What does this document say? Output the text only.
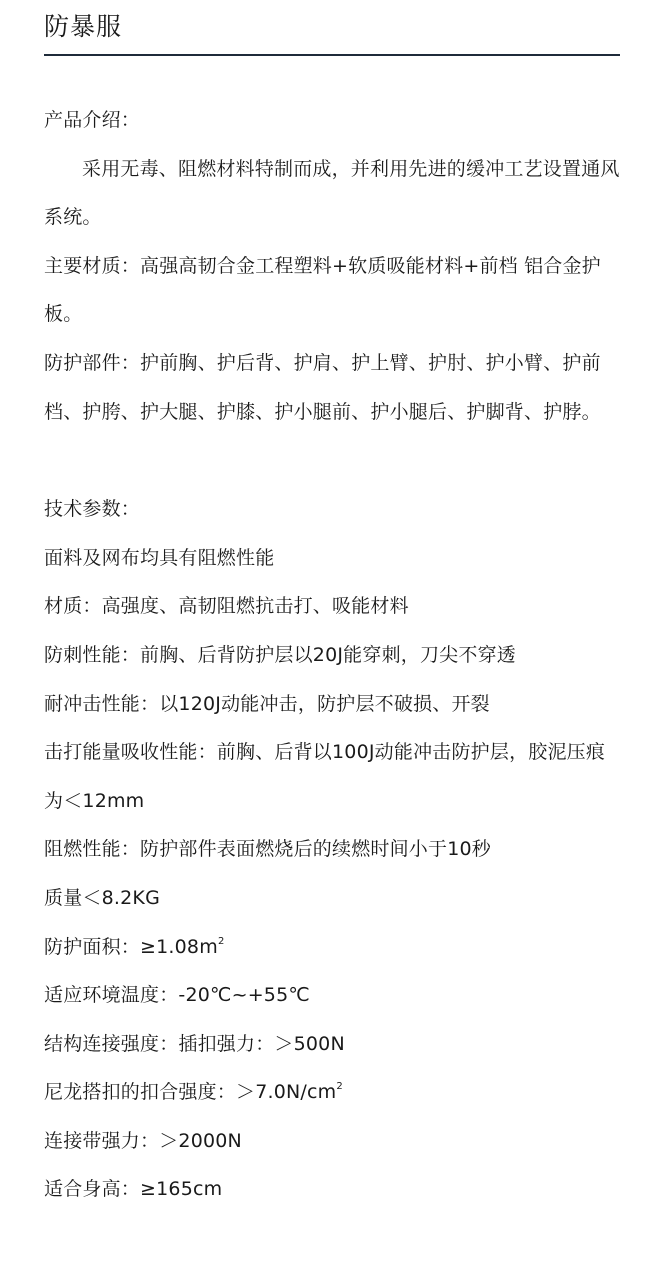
防暴服

产品介绍：

采用无毒、阻燃材料特制而成，并利用先进的缓冲工艺设置通风系统。

主要材质：高强高韧合金工程塑料+软质吸能材料+前档 铝合金护板。

防护部件：护前胸、护后背、护肩、护上臂、护肘、护小臂、护前档、护胯、护大腿、护膝、护小腿前、护小腿后、护脚背、护脖。

技术参数：

面料及网布均具有阻燃性能

材质：高强度、高韧阻燃抗击打、吸能材料

防刺性能：前胸、后背防护层以20J能穿刺，刀尖不穿透

耐冲击性能：以120J动能冲击，防护层不破损、开裂

击打能量吸收性能：前胸、后背以100J动能冲击防护层，胶泥压痕为＜12mm

阻燃性能：防护部件表面燃烧后的续燃时间小于10秒

质量＜8.2KG

防护面积：$\ge 1.08m^2$

适应环境温度：-20℃~+55℃

结构连接强度：插扣强力：＞500N

尼龙搭扣的扣合强度：$>7.0N/cm^2$

连接带强力：＞2000N

适合身高：≥165cm
